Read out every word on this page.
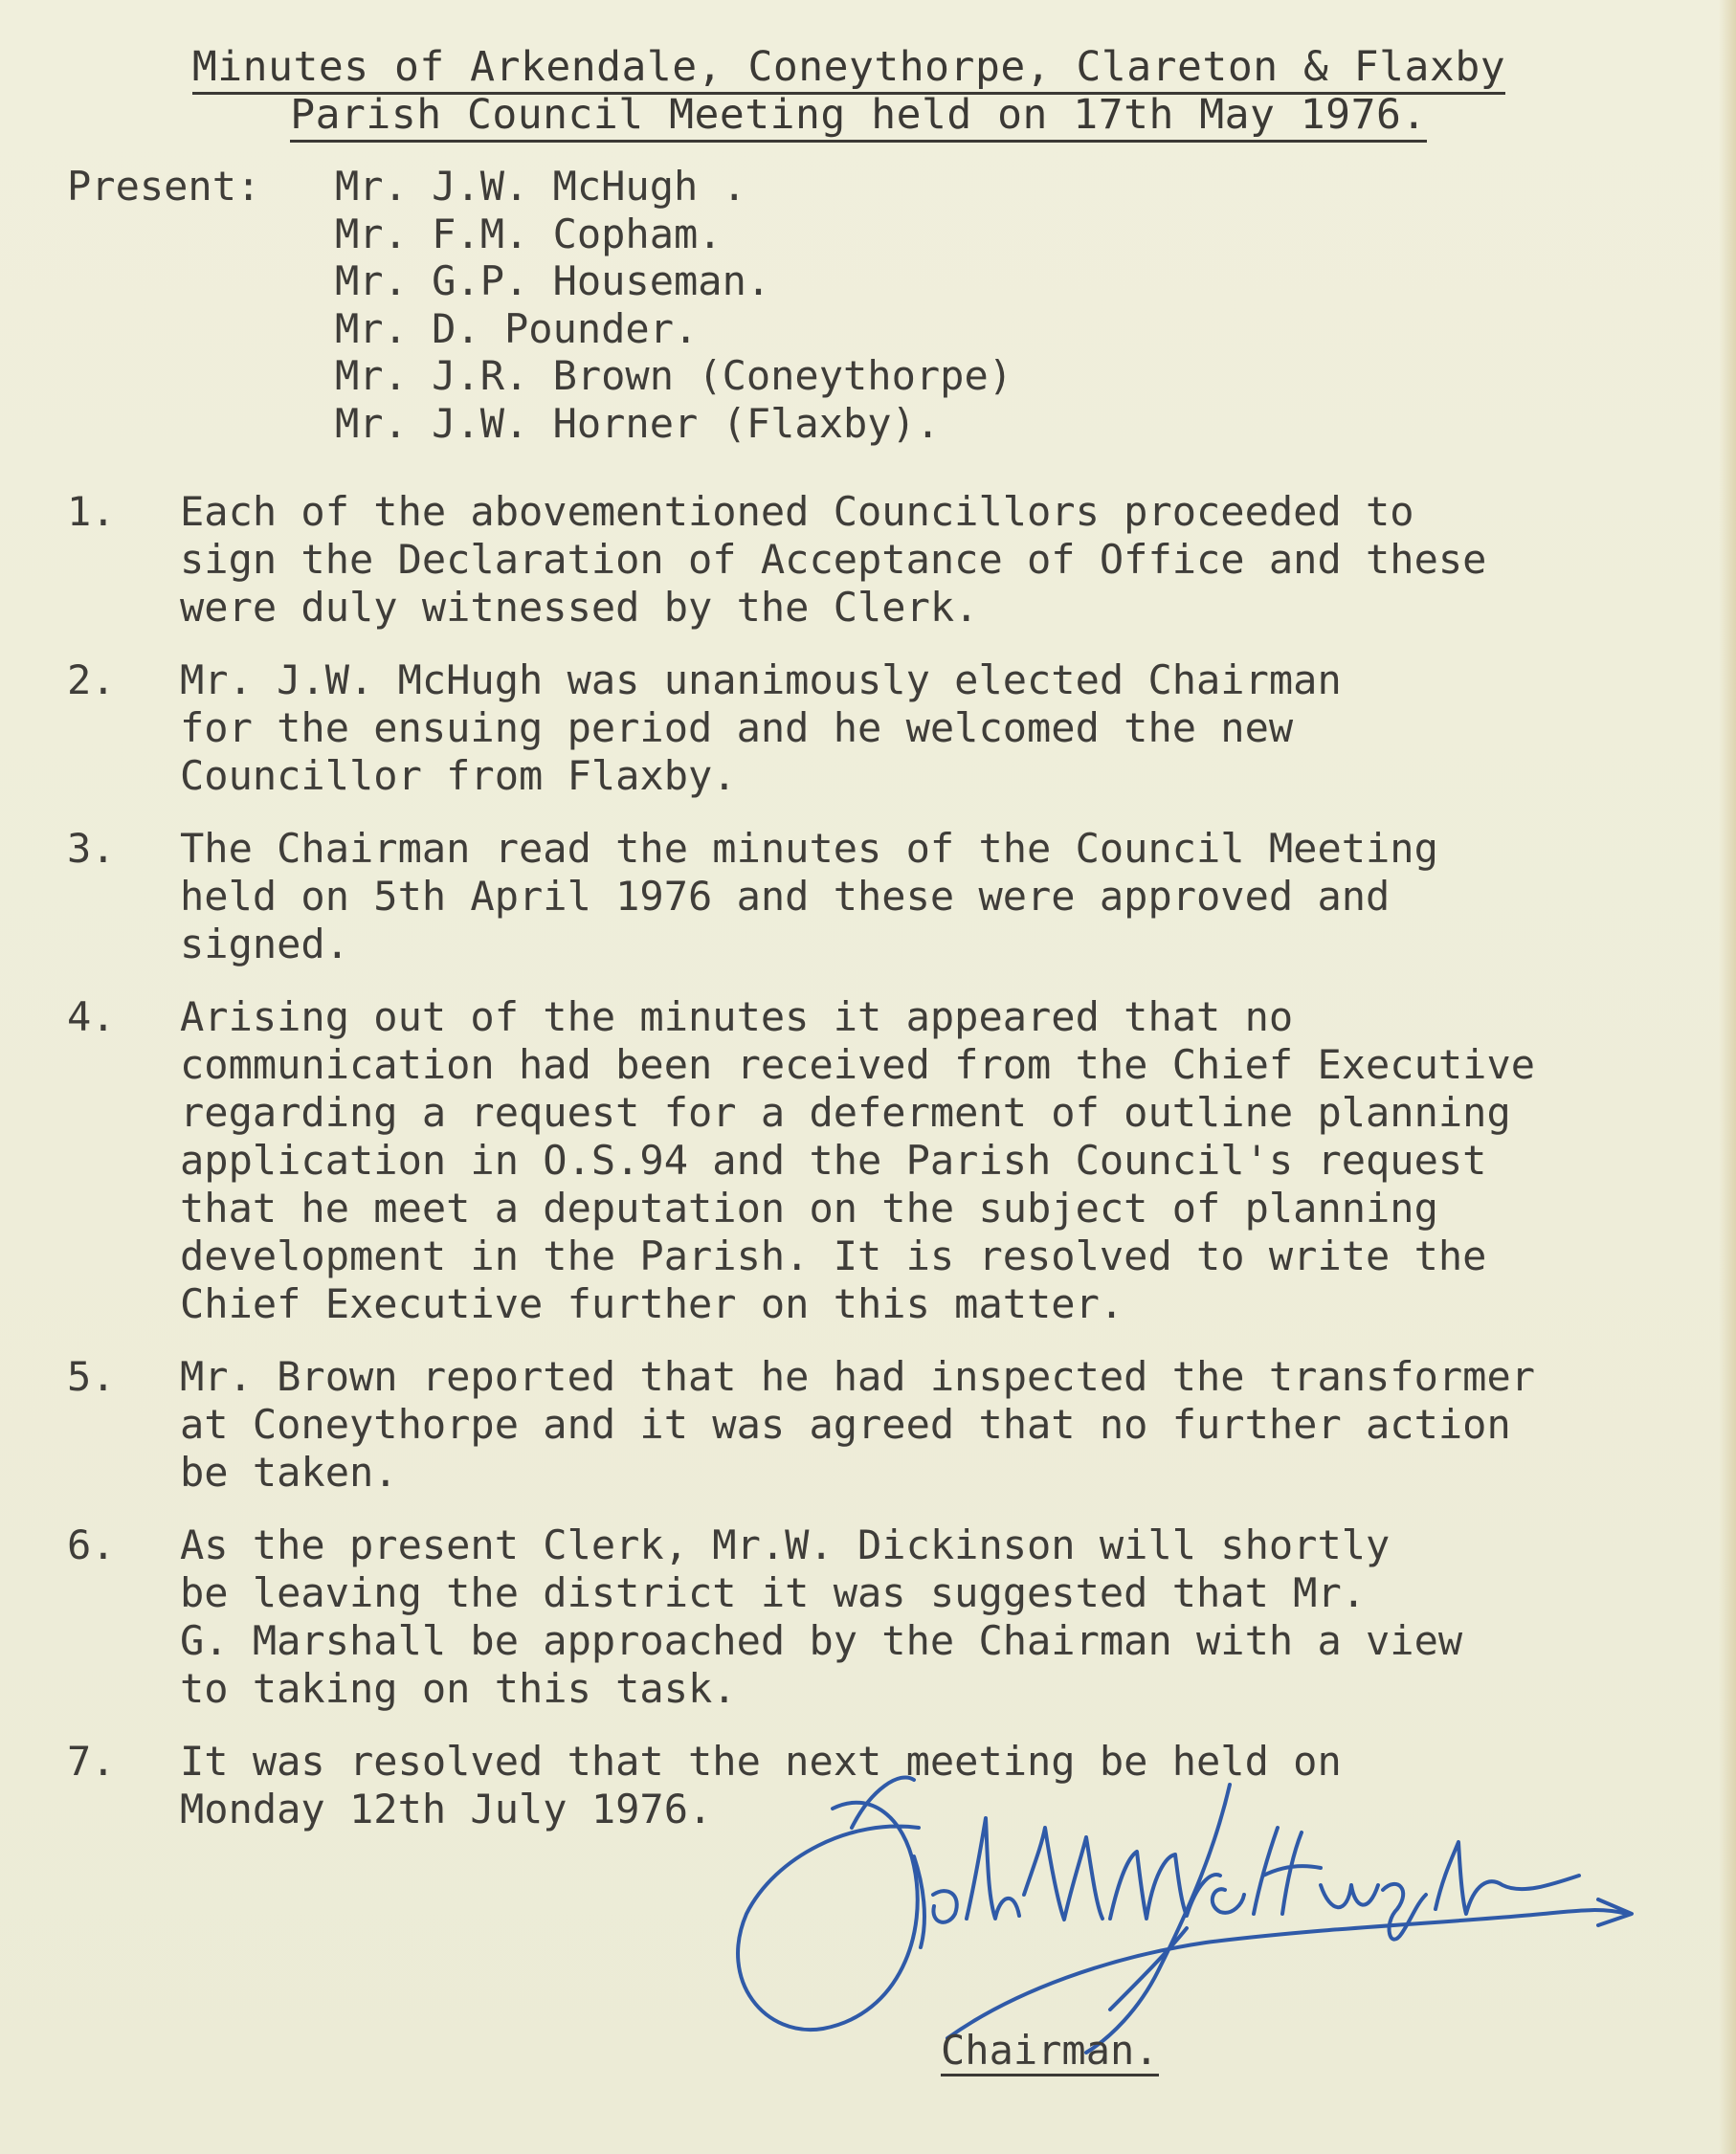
Minutes of Arkendale, Coneythorpe, Clareton & Flaxby
Parish Council Meeting held on 17th May 1976.
Present: Mr. J.W. McHugh .
Mr. F.M. Copham.
Mr. G.P. Houseman.
Mr. D. Pounder.
Mr. J.R. Brown (Coneythorpe)
Mr. J.W. Horner (Flaxby).
1.	Each of the abovementioned Councillors proceeded to
sign the Declaration of Acceptance of Office and these
were duly witnessed by the Clerk.
2.	Mr. J.W. McHugh was unanimously elected Chairman
for the ensuing period and he welcomed the new
Councillor from Flaxby.
3.	The Chairman read the minutes of the Council Meeting
held on 5th April 1976 and these were approved and
signed.
4.	Arising out of the minutes it appeared that no
communication had been received from the Chief Executive
regarding a request for a deferment of outline planning
application in O.S.94 and the Parish Council's request
that he meet a deputation on the subject of planning
development in the Parish. It is resolved to write the
Chief Executive further on this matter.
5.	Mr. Brown reported that he had inspected the transformer
at Coneythorpe and it was agreed that no further action
be taken.
6.	As the present Clerk, Mr.W. Dickinson will shortly
be leaving the district it was suggested that Mr.
G. Marshall be approached by the Chairman with a view
to taking on this task.
7.	It was resolved that the next meeting be held on
Monday 12th July 1976.
Chairman.
